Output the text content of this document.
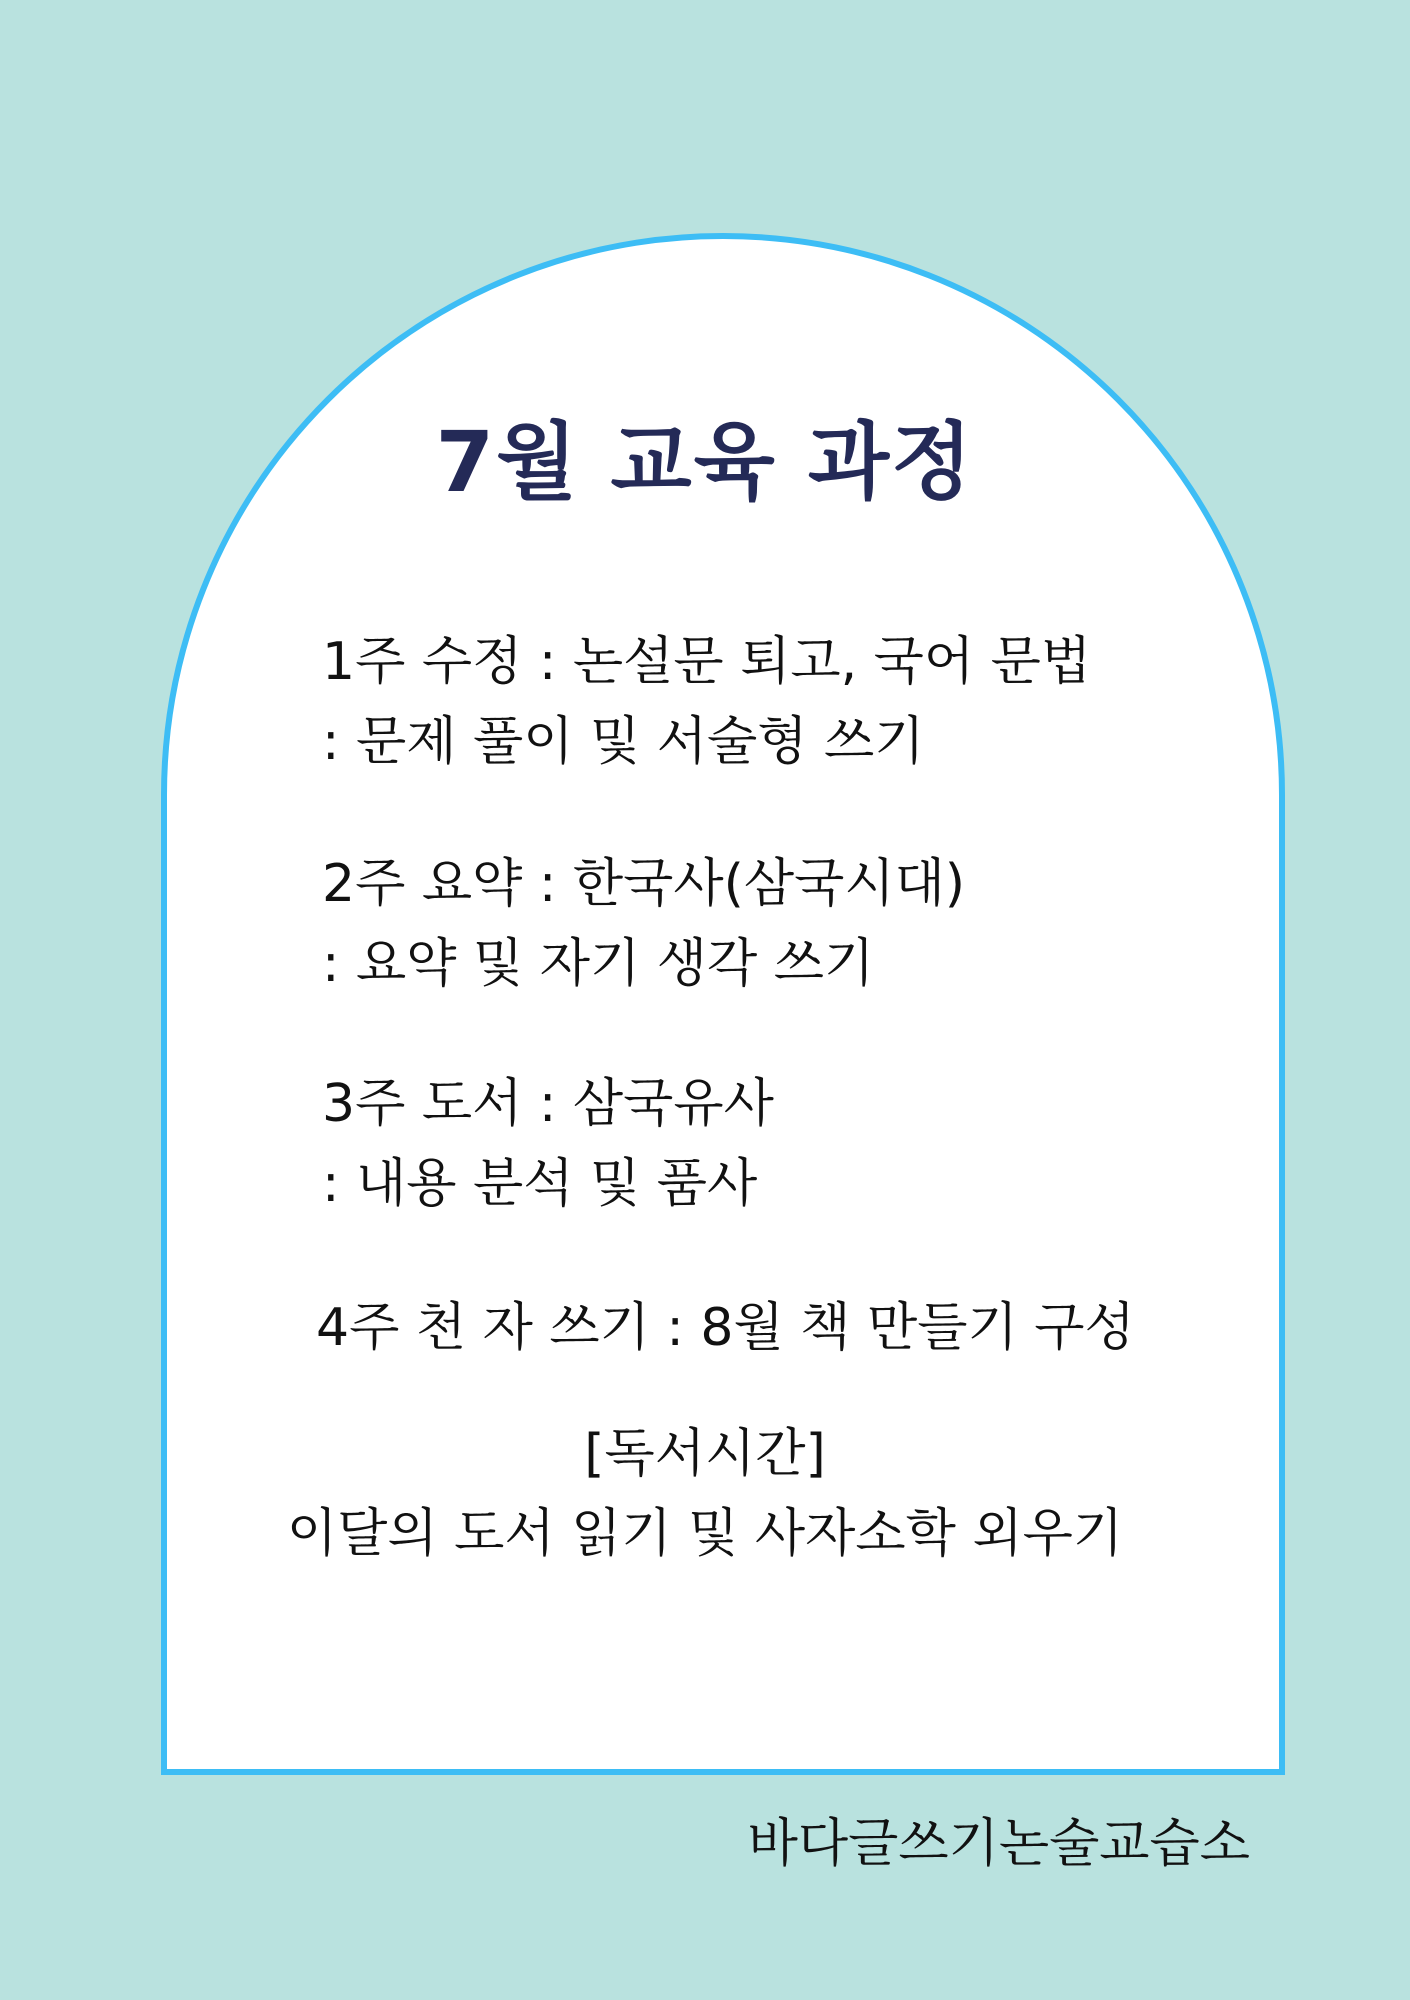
7월 교육 과정
1주 수정 : 논설문 퇴고, 국어 문법
: 문제 풀이 및 서술형 쓰기
2주 요약 : 한국사(삼국시대)
: 요약 및 자기 생각 쓰기
3주 도서 : 삼국유사
: 내용 분석 및 품사
4주 천 자 쓰기 : 8월 책 만들기 구성
[독서시간]
이달의 도서 읽기 및 사자소학 외우기
바다글쓰기논술교습소
